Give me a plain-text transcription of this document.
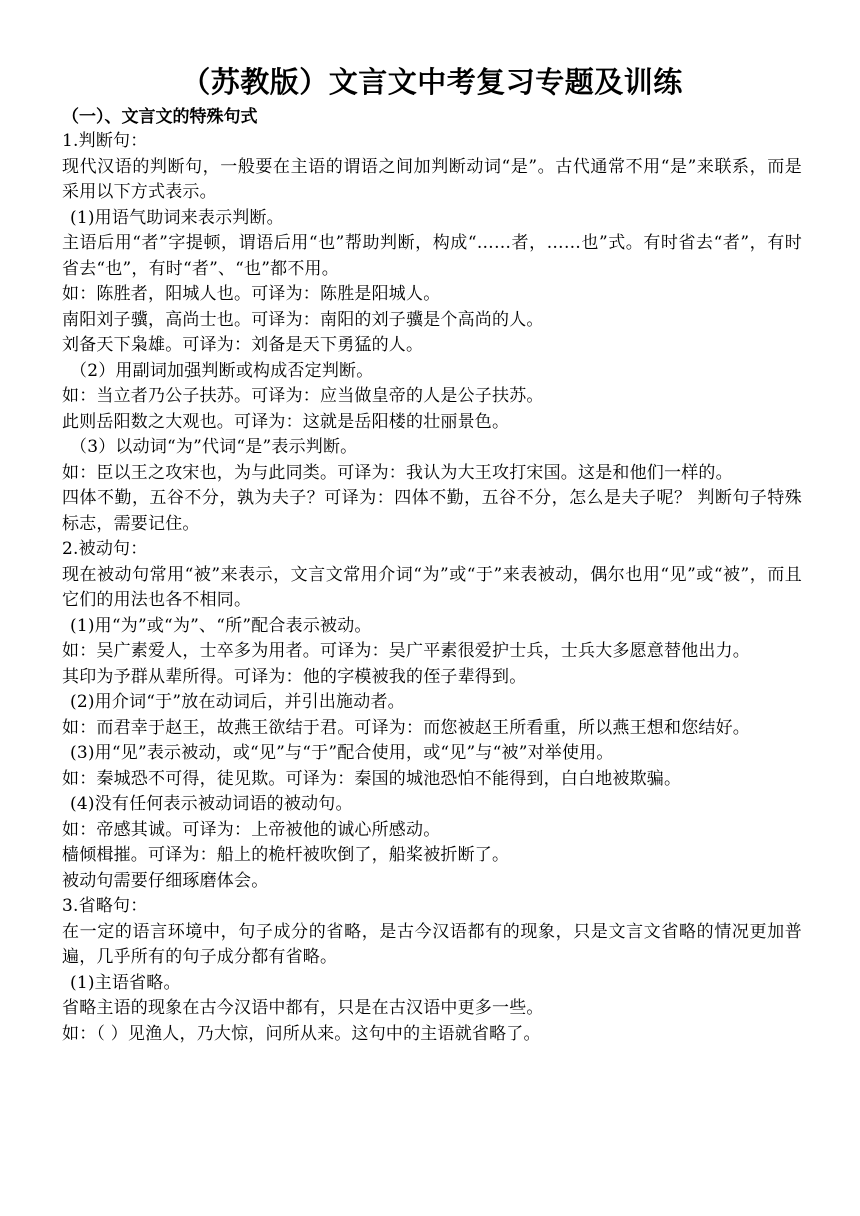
（苏教版）文言文中考复习专题及训练

（一）、文言文的特殊句式

1.判断句：

现代汉语的判断句，一般要在主语的谓语之间加判断动词“是”。古代通常不用“是”来联系，而是采用以下方式表示。

(1)用语气助词来表示判断。

主语后用“者”字提顿，谓语后用“也”帮助判断，构成“……者，……也”式。有时省去“者”，有时省去“也”，有时“者”、“也”都不用。

如：陈胜者，阳城人也。可译为：陈胜是阳城人。

南阳刘子骥，高尚士也。可译为：南阳的刘子骥是个高尚的人。

刘备天下枭雄。可译为：刘备是天下勇猛的人。

（2）用副词加强判断或构成否定判断。

如：当立者乃公子扶苏。可译为：应当做皇帝的人是公子扶苏。

此则岳阳数之大观也。可译为：这就是岳阳楼的壮丽景色。

（3）以动词“为”代词“是”表示判断。

如：臣以王之攻宋也，为与此同类。可译为：我认为大王攻打宋国。这是和他们一样的。

四体不勤，五谷不分，孰为夫子？可译为：四体不勤，五谷不分，怎么是夫子呢？ 判断句子特殊标志，需要记住。

2.被动句：

现在被动句常用“被”来表示，文言文常用介词“为”或“于”来表被动，偶尔也用“见”或“被”，而且它们的用法也各不相同。

(1)用“为”或“为”、“所”配合表示被动。

如：吴广素爱人，士卒多为用者。可译为：吴广平素很爱护士兵，士兵大多愿意替他出力。

其印为予群从辈所得。可译为：他的字模被我的侄子辈得到。

(2)用介词“于”放在动词后，并引出施动者。

如：而君幸于赵王，故燕王欲结于君。可译为：而您被赵王所看重，所以燕王想和您结好。

(3)用“见”表示被动，或“见”与“于”配合使用，或“见”与“被”对举使用。

如：秦城恐不可得，徒见欺。可译为：秦国的城池恐怕不能得到，白白地被欺骗。

(4)没有任何表示被动词语的被动句。

如：帝感其诚。可译为：上帝被他的诚心所感动。

樯倾楫摧。可译为：船上的桅杆被吹倒了，船桨被折断了。

被动句需要仔细琢磨体会。

3.省略句：

在一定的语言环境中，句子成分的省略，是古今汉语都有的现象，只是文言文省略的情况更加普遍，几乎所有的句子成分都有省略。

(1)主语省略。

省略主语的现象在古今汉语中都有，只是在古汉语中更多一些。

如：（ ）见渔人，乃大惊，问所从来。这句中的主语就省略了。
